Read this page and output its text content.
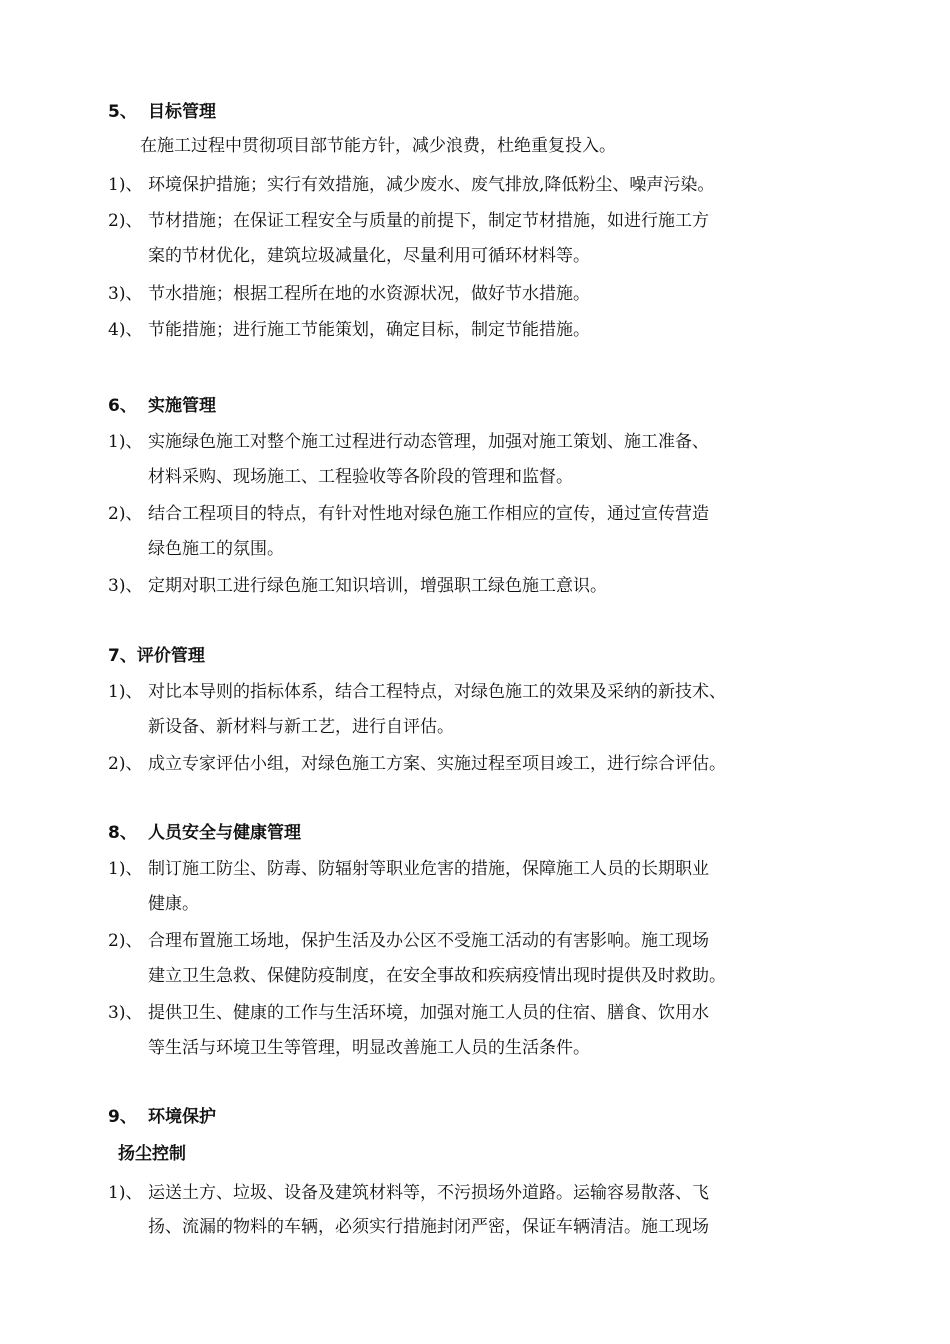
5、 目标管理
在施工过程中贯彻项目部节能方针，减少浪费，杜绝重复投入。
1)、 环境保护措施；实行有效措施，减少废水、废气排放,降低粉尘、噪声污染。
2)、 节材措施；在保证工程安全与质量的前提下，制定节材措施，如进行施工方
案的节材优化，建筑垃圾减量化，尽量利用可循环材料等。
3)、 节水措施；根据工程所在地的水资源状况，做好节水措施。
4)、 节能措施；进行施工节能策划，确定目标，制定节能措施。
6、 实施管理
1)、 实施绿色施工对整个施工过程进行动态管理，加强对施工策划、施工准备、
材料采购、现场施工、工程验收等各阶段的管理和监督。
2)、 结合工程项目的特点，有针对性地对绿色施工作相应的宣传，通过宣传营造
绿色施工的氛围。
3)、 定期对职工进行绿色施工知识培训，增强职工绿色施工意识。
7、评价管理
1)、 对比本导则的指标体系，结合工程特点，对绿色施工的效果及采纳的新技术、
新设备、新材料与新工艺，进行自评估。
2)、 成立专家评估小组，对绿色施工方案、实施过程至项目竣工，进行综合评估。
8、 人员安全与健康管理
1)、 制订施工防尘、防毒、防辐射等职业危害的措施，保障施工人员的长期职业
健康。
2)、 合理布置施工场地，保护生活及办公区不受施工活动的有害影响。施工现场
建立卫生急救、保健防疫制度，在安全事故和疾病疫情出现时提供及时救助。
3)、 提供卫生、健康的工作与生活环境，加强对施工人员的住宿、膳食、饮用水
等生活与环境卫生等管理，明显改善施工人员的生活条件。
9、 环境保护
扬尘控制
1)、 运送土方、垃圾、设备及建筑材料等，不污损场外道路。运输容易散落、飞
扬、流漏的物料的车辆，必须实行措施封闭严密，保证车辆清洁。施工现场
